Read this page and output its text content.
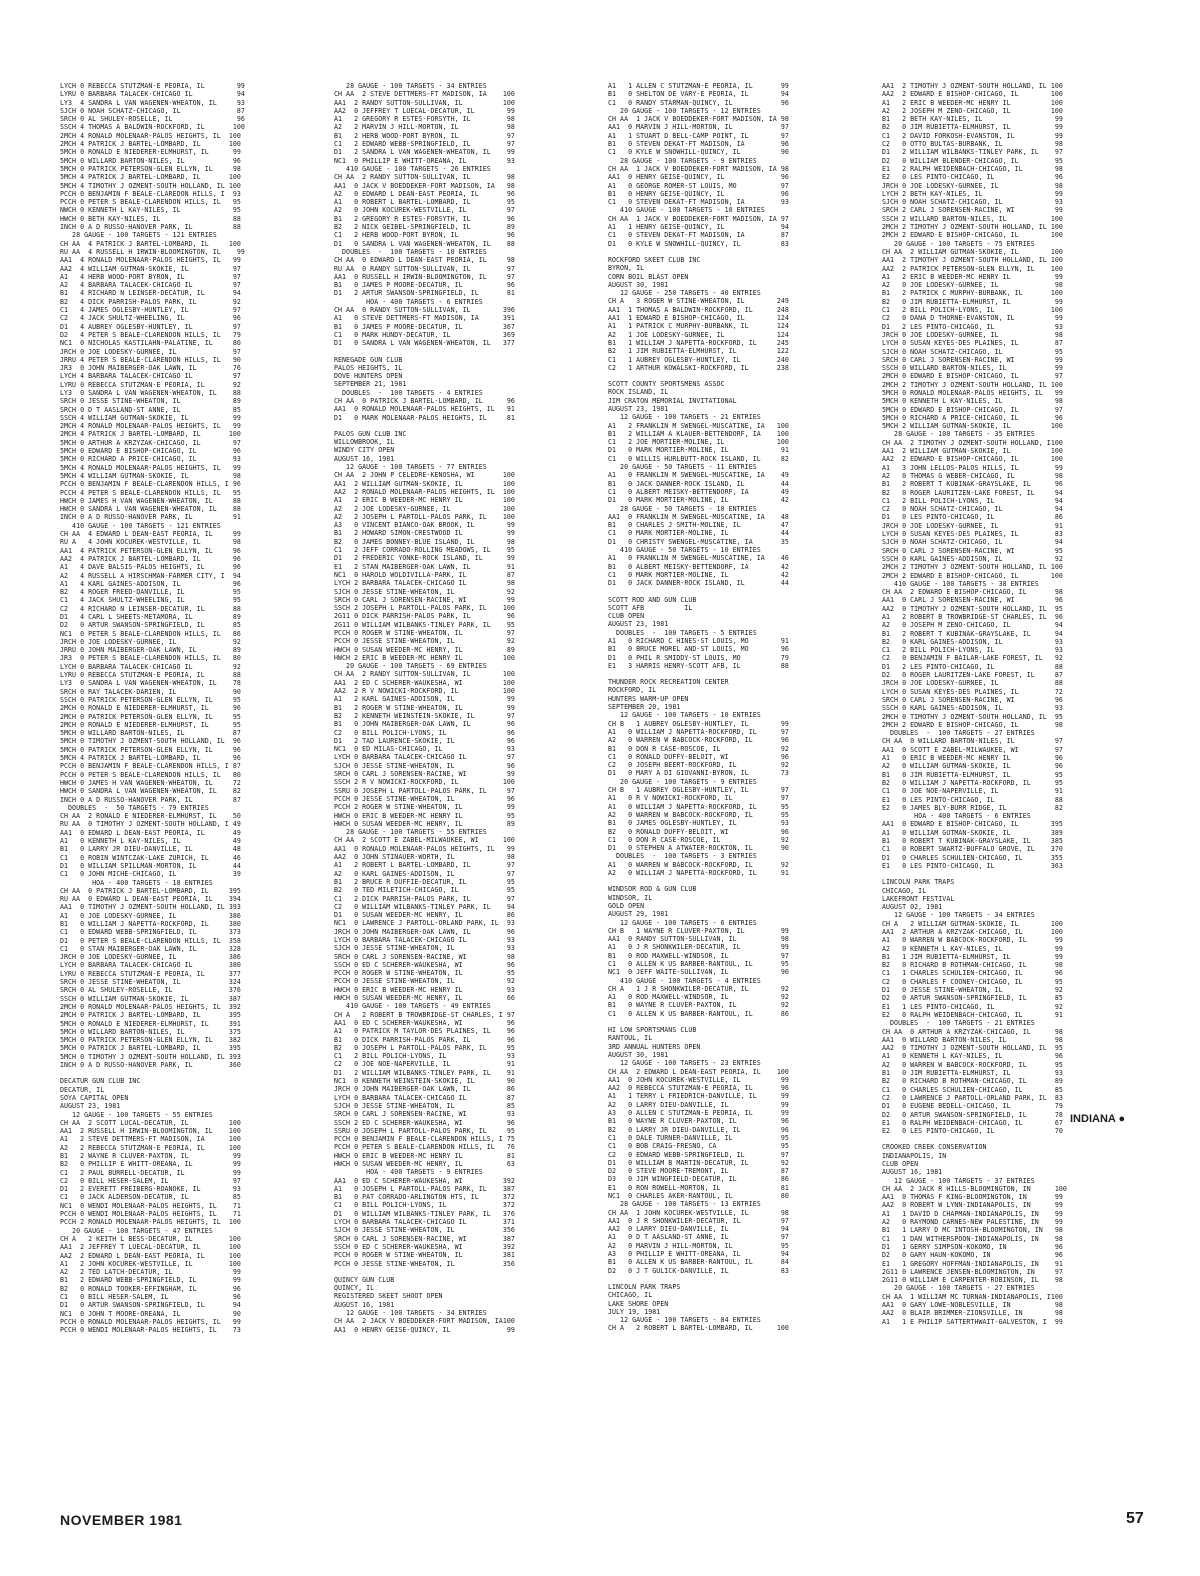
LYCH 0 REBECCA STUTZMAN-E PEORIA, IL        99
LYRU 0 BARBARA TALACEK-CHICAGO IL           94
LY3  4 SANDRA L VAN WAGENEN-WHEATON, IL     93
SJCH 0 NOAH SCHATZ-CHICAGO, IL              87
SRCH 0 AL SHULEY-ROSELLE, IL                96
SSCH 4 THOMAS A BALDWIN-ROCKFORD, IL       100
2MCH 4 RONALD MOLENAAR-PALOS HEIGHTS, IL  100
2MCH 4 PATRICK J BARTEL-LOMBARD, IL       100
5MCH 0 RONALD E NIEDERER-ELMHURST, IL      99
5MCH 0 WILLARD BARTON-NILES, IL            96
5MCH 0 PATRICK PETERSON-GLEN ELLYN, IL     98
5MCH 4 PATRICK J BARTEL-LOMBARD, IL       100
5MCH 4 TIMOTHY J OZMENT-SOUTH HOLLAND, IL 100
PCCH 0 BENJAMIN F BEALE-CLAREDON HILLS, I  93
PCCH 0 PETER S BEALE-CLARENDON HILLS, IL   95
NWCH 0 KENNETH L KAY-NILES, IL             95
HWCH 0 BETH KAY-NILES, IL                  88
INCH 0 A D RUSSO-HANOVER PARK, IL          88
28 GAUGE - 100 TARGETS - 121 ENTRIES
CH AA  4 PATRICK J BARTEL-LOMBARD, IL     100
RU AA  4 RUSSELL H IRWIN-BLOOMINGTON, IL    99
AA1  4 RONALD MOLENAAR-PALOS HEIGHTS, IL   99
AA2  4 WILLIAM GUTMAN-SKOKIE, IL           97
A1   4 HERB WOOD-PORT BYRON, IL            97
A2   4 BARBARA TALACEK-CHICAGO IL          97
B1   4 RICHARD N LEINSER-DECATUR, IL       94
B2   4 DICK PARRISH-PALOS PARK, IL         92
C1   4 JAMES OGLESBY-HUNTLEY, IL           97
C2   4 JACK SHULTZ-WHEELING, IL            96
D1   4 AUBREY OGLESBY-HUNTLEY, IL          97
D2   4 PETER S BEALE-CLARENDON HILLS, IL   79
NC1  0 NICHOLAS KASTILAHN-PALATINE, IL     80
JRCH 0 JOE LODESKY-GURNEE, IL              97
JRRU 4 PETER S BEALE-CLARENDON HILLS, IL   90
JR3  0 JOHN MAIBERGER-OAK LAWN, IL         76
LYCH 4 BARBARA TALACEK-CHICAGO IL          97
LYRU 0 REBECCA STUTZMAN-E PEORIA, IL       92
LY3  0 SANDRA L VAN WAGENEN-WHEATON, IL    88
SRCH 0 JESSE STINE-WHEATON, IL             89
SRCH 0 D T AASLAND-ST ANNE, IL             85
SSCH 4 WILLIAM GUTMAN-SKOKIE, IL           99
2MCH 4 RONALD MOLENAAR-PALOS HEIGHTS, IL   99
2MCH 4 PATRICK J BARTEL-LOMBARD, IL       100
5MCH 0 ARTHUR A KRZYZAK-CHICAGO, IL        97
5MCH 0 EDWARD E BISHOP-CHICAGO, IL         96
5MCH 0 RICHARD A PRICE-CHICAGO, IL         93
5MCH 4 RONALD MOLENAAR-PALOS HEIGHTS, IL   99
5MCH 4 WILLIAM GUTMAN-SKOKIE, IL           98
PCCH 0 BENJAMIN F BEALE-CLARENDON HILLS, I 96
PCCH 4 PETER S BEALE-CLARENDON HILLS, IL   95
HWCH 0 JAMES H VAN WAGENEN-WHEATON, IL     88
HWCH 0 SANDRA L VAN WAGENEN-WHEATON, IL    88
INCH 0 A D RUSSO-HANOVER PARK, IL          91
410 GAUGE - 100 TARGETS - 121 ENTRIES
CH AA  4 EDWARD L DEAN-EAST PEORIA, IL     99
RU A   4 JOHN KOCUREK-WESTVILLE, IL        98
AA1  4 PATRICK PETERSON-GLEN ELLYN, IL     96
AA2  4 PATRICK J BARTEL-LOMBARD, IL        96
A1   4 DAVE BALSIS-PALOS HEIGHTS, IL       96
A2   4 RUSSELL A HIRSCHMAN-FARMER CITY, I  94
A1   4 KARL GAINES-ADDISON, IL             96
B2   4 ROGER FREED-DANVILLE, IL            95
C1   4 JACK SHULTZ-WHEELING, IL            95
C2   4 RICHARD N LEINSER-DECATUR, IL       88
D1   4 CARL L SHEETS-METAMORA, IL          89
D2   0 ARTUR SWANSON-SPRINGFIELD, IL       85
NC1  0 PETER S BEALE-CLARENDON HILLS, IL   86
JRCH 0 JOE LODESKY-GURNEE, IL              92
JRRU 0 JOHN MAIBERGER-OAK LAWN, IL         89
JR3  0 PETER S BEALE-CLARENDON HILLS, IL   80
LYCH 0 BARBARA TALACEK-CHICAGO IL          92
LYRU 0 REBECCA STUTZMAN-E PEORIA, IL       88
LY3  0 SANDRA L VAN WAGENEN-WHEATON, IL    78
SRCH 0 RAY TALACEK-DARIEN, IL              90
SSCH 0 PATRICK PETERSON-GLEN ELLYN, IL     95
2MCH 0 RONALD E NIEDERER-ELMHURST, IL      96
2MCH 0 PATRICK PETERSON-GLEN ELLYN, IL     95
2MCH 0 RONALD E NIEDERER-ELMHURST, IL      95
5MCH 0 WILLARD BARTON-NILES, IL            87
5MCH 0 TIMOTHY J OZMENT-SOUTH HOLLAND, IL  96
5MCH 0 PATRICK PETERSON-GLEN ELLYN, IL     96
5MCH 4 PATRICK J BARTEL-LOMBARD, IL        96
PCCH 0 BENJAMIN F BEALE-CLARENDON HILLS, I 87
PCCH 0 PETER S BEALE-CLARENDON HILLS, IL   80
HWCH 0 JAMES H VAN WAGENEN-WHEATON, IL     72
HWCH 0 SANDRA L VAN WAGENEN-WHEATON, IL    82
INCH 0 A D RUSSO-HANOVER PARK, IL          87
DOUBLES  -  50 TARGETS - 79 ENTRIES
CH AA  2 RONALD E NIEDERER-ELMHURST, IL    50
RU AA  0 TIMOTHY J OZMENT-SOUTH HOLLAND, I 49
AA1  0 EDWARD L DEAN-EAST PEORIA, IL       49
A1   0 KENNETH L KAY-NILES, IL             49
B1   0 LARRY JR DIEU-DANVILLE, IL          48
C1   0 ROBIN WINTCZAK-LAKE ZURICH, IL      46
D1   0 WILLIAM SPILLMAN-MORTON, IL         44
C1   0 JOHN MICHE-CHICAGO, IL              39
HOA - 400 TARGETS - 18 ENTRIES
CH AA  0 PATRICK J BARTEL-LOMBARD, IL     395
RU AA  0 EDWARD L DEAN-EAST PEORIA, IL    394
AA1  0 TIMOTHY J OZMENT-SOUTH HOLLAND, IL 393
A1   0 JOE LODESKY-GURNEE, IL             386
B1   0 WILLIAM J NAPETTA-ROCKFORD, IL     380
C1   0 EDWARD WEBB-SPRINGFIELD, IL        373
D1   0 PETER S BEALE-CLARENDON HILLS, IL  358
C1   0 STAN MAIBERGER-OAK LAWN, IL        328
JRCH 0 JOE LODESKY-GURNEE, IL             386
LYCH 0 BARBARA TALACEK-CHICAGO IL         380
LYRU 0 REBECCA STUTZMAN-E PEORIA, IL      377
SRCH 0 JESSE STINE-WHEATON, IL            324
SRCH 0 AL SHULEY-ROSELLE, IL              376
SSCH 0 WILLIAM GUTMAN-SKOKIE, IL          387
2MCH 0 RONALD MOLENAAR-PALOS HEIGHTS, IL  392
2MCH 0 PATRICK J BARTEL-LOMBARD, IL       395
5MCH 0 RONALD E NIEDERER-ELMHURST, IL     391
5MCH 0 WILLARD BARTON-NILES, IL           375
5MCH 0 PATRICK PETERSON-GLEN ELLYN, IL    382
5MCH 0 PATRICK J BARTEL-LOMBARD, IL       395
5MCH 0 TIMOTHY J OZMENT-SOUTH HOLLAND, IL 393
INCH 0 A D RUSSO-HANOVER PARK, IL         360
DECATUR GUN CLUB INC
DECATUR, IL
SOYA CAPITAL OPEN
AUGUST 23, 1981
12 GAUGE - 100 TARGETS - 55 ENTRIES
CH AA  2 SCOTT LUCAL-DECATUR, IL          100
AA1  2 RUSSELL H IRWIN-BLOOMINGTON, IL    100
A1   2 STEVE DETTMERS-FT MADISON, IA      100
A2   2 REBECCA STUTZMAN-E PEORIA, IL      100
B1   2 WAYNE R CLUVER-PAXTON, IL           99
B2   0 PHILLIP E WHITT-OREANA, IL          99
C1   2 PAUL BURRELL-DECATUR, IL            99
C2   0 BILL HESER-SALEM, IL                97
D1   2 EVERETT FREIBERG-ROANOKE, IL        93
C1   0 JACK ALDERSON-DECATUR, IL           85
NC1  0 WENDI MOLENAAR-PALOS HEIGHTS, IL    71
PCCH 0 WENDI MOLENAAR-PALOS HEIGHTS, IL    71
PCCH 2 RONALD MOLENAAR-PALOS HEIGHTS, IL  100
20 GAUGE - 100 TARGETS - 47 ENTRIES
CH A   2 KEITH L BESS-DECATUR, IL         100
AA1  2 JEFFREY T LUECAL-DECATUR, IL       100
AA2  2 EDWARD L DEAN-EAST PEORIA, IL      100
A1   2 JOHN KOCUREK-WESTVILLE, IL         100
A2   2 TED LATCH-DECATUR, IL               99
B1   2 EDWARD WEBB-SPRINGFIELD, IL         99
B2   0 RONALD TOOKER-EFFINGHAM, IL         96
C1   0 BILL HESER-SALEM, IL                96
D1   0 ARTUR SWANSON-SPRINGFIELD, IL       94
NC1  0 JOHN T MOORE-OREANA, IL             90
PCCH 0 RONALD MOLENAAR-PALOS HEIGHTS, IL   99
PCCH 0 WENDI MOLENAAR-PALOS HEIGHTS, IL    73
28 GAUGE - 100 TARGETS - 34 ENTRIES
CH AA  2 STEVE DETTMERS-FT MADISON, IA    100
AA1  2 RANDY SUTTON-SULLIVAN, IL          100
AA2  0 JEFFREY T LUECAL-DECATUR, IL        99
A1   2 GREGORY R ESTES-FORSYTH, IL         98
A2   2 MARVIN J HILL-MORTON, IL            98
B1   2 HERB WOOD-PORT BYRON, IL            97
C1   2 EDWARD WEBB-SPRINGFIELD, IL         97
D1   2 SANDRA L VAN WAGENEN-WHEATON, IL    99
NC1  0 PHILLIP E WHITT-OREANA, IL          93
410 GAUGE - 100 TARGETS - 26 ENTRIES
CH AA  2 RANDY SUTTON-SULLIVAN, IL         98
AA1  0 JACK V BOEDDEKER-FORT MADISON, IA   98
A2   0 EDWARD L DEAN-EAST PEORIA, IL       96
A1   0 ROBERT L BARTEL-LOMBARD, IL         95
A2   0 JOHN KOCUREK-WESTVILLE, IL          97
B1   2 GREGORY R ESTES-FORSYTH, IL         96
B2   2 NICK GEIBEL-SPRINGFIELD, IL         89
C1   2 HERB WOOD-PORT BYRON, IL            96
D1   0 SANDRA L VAN WAGENEN-WHEATON, IL    88
DOUBLES  -  100 TARGETS - 10 ENTRIES
CH AA  0 EDWARD L DEAN-EAST PEORIA, IL     98
RU AA  0 RANDY SUTTON-SULLIVAN, IL         97
AA1  0 RUSSELL H IRWIN-BLOOMINGTON, IL     97
B1   0 JAMES P MOORE-DECATUR, IL           96
D1   2 ARTUR SWANSON-SPRINGFIELD, IL       81
HOA - 400 TARGETS - 6 ENTRIES
CH AA  0 RANDY SUTTON-SULLIVAN, IL        396
A1   0 STEVE DETTMERS-FT MADISON, IA      391
B1   0 JAMES P MOORE-DECATUR, IL          367
C1   0 MARK HUNDY-DECATUR, IL             369
D1   0 SANDRA L VAN WAGENEN-WHEATON, IL   377
RENEGADE GUN CLUB
PALOS HEIGHTS, IL
DOVE HUNTERS OPEN
SEPTEMBER 21, 1981
DOUBLES  -  100 TARGETS - 4 ENTRIES
CH AA  0 PATRICK J BARTEL-LOMBARD, IL      96
AA1  0 RONALD MOLENAAR-PALOS HEIGHTS, IL   91
D1   0 MARK MOLENAAR-PALOS HEIGHTS, IL     81
PALOS GUN CLUB INC
WILLOWBROOK, IL
WINDY CITY OPEN
AUGUST 16, 1981
12 GAUGE - 100 TARGETS - 77 ENTRIES
CH AA  2 JOHN P CELEDRE-KENOSHA, WI       100
AA1  2 WILLIAM GUTMAN-SKOKIE, IL          100
AA2  2 RONALD MOLENAAR-PALOS HEIGHTS, IL  100
A1   2 ERIC B WEEDER-MC HENRY IL          100
A2   2 JOE LODESKY-GURNEE, IL             100
A2   2 JOSEPH L PARTOLL-PALOS PARK, IL    100
A3   0 VINCENT BIANCO-OAK BROOK, IL        99
B1   2 HOWARD SIMON-CRESTWOOD IL           99
B2   0 JAMES BONNEY-BLUE ISLAND, IL        98
C1   2 JEFF CORRADO-ROLLING MEADOWS, IL    95
D1   2 FREDERIC YONKE-ROCK ISLAND, IL      99
E1   2 STAN MAIBERGER-OAK LAWN, IL         91
NC1  0 HAROLD WOLDIVILLA-PARK, IL          87
LYCH 2 BARBARA TALACEK-CHICAGO IL          98
SJCH 0 JESSE STINE-WHEATON, IL             92
SRCH 0 CARL J SORENSEN-RACINE, WI          99
SSCH 2 JOSEPH L PARTOLL-PALOS PARK, IL    100
2G11 0 DICK PARRISH-PALOS PARK, IL         96
2G11 0 WILLIAM WILBANKS-TINLEY PARK, IL    95
PCCH 0 ROGER W STINE-WHEATON, IL           97
PCCH 0 JESSE STINE-WHEATON, IL             92
HWCH 0 SUSAN WEEDER-MC HENRY, IL           89
HWCH 2 ERIC B WEEDER-MC HENRY IL          100
20 GAUGE - 100 TARGETS - 69 ENTRIES
CH AA  2 RANDY SUTTON-SULLIVAN, IL        100
AA1  2 ED C SCHERER-WAUKESHA, WI          100
AA2  2 R V NOWICKI-ROCKFORD, IL           100
A1   2 KARL GAINES-ADDISON, IL             99
B1   2 ROGER W STINE-WHEATON, IL           99
B2   2 KENNETH WEINSTEIN-SKOKIE, IL        97
B1   0 JOHN MAIBERGER-OAK LAWN, IL         96
C2   0 BILL POLICH-LYONS, IL               96
D1   2 TAD LAURENCE-SKOKIE, IL             96
NC1  0 ED MILAS-CHICAGO, IL                93
LYCH 0 BARBARA TALACEK-CHICAGO IL          97
SJCH 0 JESSE STINE-WHEATON, IL             96
SRCH 0 CARL J SORENSEN-RACINE, WI          99
SSCH 2 R V NOWICKI-ROCKFORD, IL           100
SSRU 0 JOSEPH L PARTOLL-PALOS PARK, IL     97
PCCH 0 JESSE STINE-WHEATON, IL             96
PCCH 2 ROGER W STINE-WHEATON, IL           99
HWCH 0 ERIC B WEEDER-MC HENRY IL           95
HWCH 0 SUSAN WEEDER-MC HENRY, IL           89
28 GAUGE - 100 TARGETS - 55 ENTRIES
CH AA  2 SCOTT E ZABEL-MILWAUKEE, WI      100
AA1  0 RONALD MOLENAAR-PALOS HEIGHTS, IL   99
AA2  0 JOHN STINAUER-WORTH, IL             98
A1   2 ROBERT L BARTEL-LOMBARD, IL         97
A2   0 KARL GAINES-ADDISON, IL             97
B1   2 BRUCE R DUFFIE-DECATUR, IL          95
B2   0 TED MILETICH-CHICAGO, IL            95
C1   2 DICK PARRISH-PALOS PARK, IL         97
C2   0 WILLIAM WILBANKS-TINLEY PARK, IL    94
D1   0 SUSAN WEEDER-MC HENRY, IL           86
NC1  0 LAWRENCE J PARTOLL-ORLAND PARK, IL  93
JRCH 0 JOHN MAIBERGER-OAK LAWN, IL         96
LYCH 0 BARBARA TALACEK-CHICAGO IL          93
SJCH 0 JESSE STINE-WHEATON, IL             93
SRCH 0 CARL J SORENSEN-RACINE, WI          98
SSCH 0 ED C SCHERER-WAUKESHA, WI           96
PCCH 0 ROGER W STINE-WHEATON, IL           95
PCCH 0 JESSE STINE-WHEATON, IL             92
HWCH 0 ERIC B WEEDER-MC HENRY IL           93
HWCH 0 SUSAN WEEDER-MC HENRY, IL           66
410 GAUGE - 100 TARGETS - 49 ENTRIES
CH A   2 ROBERT B TROWBRIDGE-ST CHARLES, I 97
AA1  0 ED C SCHERER-WAUKESHA, WI           96
A1   0 PATRICK M TAYLOR-DES PLAINES, IL    96
B1   0 DICK PARRISH-PALOS PARK, IL         96
B2   0 JOSEPH L PARTOLL-PALOS PARK, IL     95
C1   2 BILL POLICH-LYONS, IL               93
C2   0 JOE NOE-NAPERVILLE, IL              91
D1   2 WILLIAM WILBANKS-TINLEY PARK, IL    91
NC1  0 KENNETH WEINSTEIN-SKOKIE, IL        90
JRCH 0 JOHN MAIBERGER-OAK LAWN, IL         86
LYCH 0 BARBARA TALACEK-CHICAGO IL          87
SJCH 0 JESSE STINE-WHEATON, IL             85
SRCH 0 CARL J SORENSEN-RACINE, WI          93
SSCH 2 ED C SCHERER-WAUKESHA, WI           96
SSRU 0 JOSEPH L PARTOLL-PALOS PARK, IL     95
PCCH 0 BENJAMIN F BEALE-CLARENDON HILLS, I 75
PCCH 0 PETER S BEALE-CLARENDON HILLS, IL   76
HWCH 0 ERIC B WEEDER-MC HENRY IL           81
HWCH 0 SUSAN WEEDER-MC HENRY, IL           63
HOA - 400 TARGETS - 9 ENTRIES
AA1  0 ED C SCHERER-WAUKESHA, WI          392
A1   0 JOSEPH L PARTOLL-PALOS PARK, IL    387
B1   0 PAT CORRADO-ARLINGTON HTS, IL      372
C1   0 BILL POLICH-LYONS, IL              372
D1   0 WILLIAM WILBANKS-TINLEY PARK, IL   376
LYCH 0 BARBARA TALACEK-CHICAGO IL         371
SJCH 0 JESSE STINE-WHEATON, IL            356
SRCH 0 CARL J SORENSEN-RACINE, WI         387
SSCH 0 ED C SCHERER-WAUKESHA, WI          392
PCCH 0 ROGER W STINE-WHEATON, IL          381
PCCH 0 JESSE STINE-WHEATON, IL            356
QUINCY GUN CLUB
QUINCY, IL
REGISTERED SKEET SHOOT OPEN
AUGUST 16, 1981
12 GAUGE - 100 TARGETS - 34 ENTRIES
CH AA  2 JACK V BOEDDEKER-FORT MADISON, IA100
AA1  0 HENRY GEISE-QUINCY, IL              99
A1   1 ALLEN C STUTZMAN-E PEORIA, IL       99
B1   0 SHELTON DE VARY-E PEORIA, IL        94
C1   0 RANDY STARMAN-QUINCY, IL            96
20 GAUGE - 100 TARGETS - 12 ENTRIES
CH AA  1 JACK V BOEDDEKER-FORT MADISON, IA 98
AA1  0 MARVIN J HILL-MORTON, IL            97
A1   1 STUART D BELL-CAMP POINT, IL        97
B1   0 STEVEN DEKAT-FT MADISON, IA         96
C1   0 KYLE W SNOWHILL-QUINCY, IL          90
28 GAUGE - 100 TARGETS - 9 ENTRIES
CH AA  1 JACK V BOEDDEKER-FORT MADISON, IA 98
AA1  0 HENRY GEISE-QUINCY, IL              96
A1   0 GEORGE ROMER-ST LOUIS, MO           97
B1   0 HENRY GEISE-QUINCY, IL              96
C1   0 STEVEN DEKAT-FT MADISON, IA         93
410 GAUGE - 100 TARGETS - 10 ENTRIES
CH AA  1 JACK V BOEDDEKER-FORT MADISON, IA 97
A1   1 HENRY GEISE-QUINCY, IL              94
C1   0 STEVEN DEKAT-FT MADISON, IA         87
D1   0 KYLE W SNOWHILL-QUINCY, IL          83
ROCKFORD SKEET CLUB INC
BYRON, IL
CORN BOIL BLAST OPEN
AUGUST 30, 1981
12 GAUGE - 250 TARGETS - 40 ENTRIES
CH A   3 ROGER W STINE-WHEATON, IL        249
AA1  1 THOMAS A BALDWIN-ROCKFORD, IL      248
AA1  1 EDWARD E BISHOP-CHICAGO, IL        124
A1   1 PATRICK C MURPHY-BURBANK, IL       124
A2   1 JOE LODESKY-GURNEE, IL             124
B1   1 WILLIAM J NAPETTA-ROCKFORD, IL     245
B2   1 JIM RUBIETTA-ELMHURST, IL          122
C1   1 AUBREY OGLESBY-HUNTLEY, IL         240
C2   1 ARTHUR KOWALSKI-ROCKFORD, IL       238
SCOTT COUNTY SPORTSMENS ASSOC
ROCK ISLAND, IL
JIM CRATON MEMORIAL INVITATIONAL
AUGUST 23, 1981
12 GAUGE - 100 TARGETS - 21 ENTRIES
A1   2 FRANKLIN M SWENGEL-MUSCATINE, IA   100
B1   2 WILLIAM A KLAUER-BETTENDORF, IA    100
C1   2 JOE MORTIER-MOLINE, IL             100
D1   0 MARK MORTIER-MOLINE, IL             91
C1   0 WILLIS HURLBUTT-ROCK ISLAND, IL     82
20 GAUGE - 50 TARGETS - 11 ENTRIES
A1   0 FRANKLIN M SWENGEL-MUSCATINE, IA    49
B1   0 JACK DANNER-ROCK ISLAND, IL         44
C1   0 ALBERT MEISKY-BETTENDORF, IA        49
D1   0 MARK MORTIER-MOLINE, IL             42
28 GAUGE - 50 TARGETS - 10 ENTRIES
AA1  0 FRANKLIN M SWENGEL-MUSCATINE, IA    48
B1   0 CHARLES J SMITH-MOLINE, IL          47
C1   0 MARK MORTIER-MOLINE, IL             44
D1   0 CHRISTY SWENGEL-MUSCATINE, IA       35
410 GAUGE - 50 TARGETS - 10 ENTRIES
A1   0 FRANKLIN M SWENGEL-MUSCATINE, IA    46
B1   0 ALBERT MEISKY-BETTENDORF, IA        42
C1   0 MARK MORTIER-MOLINE, IL             42
D1   0 JACK DANNER-ROCK ISLAND, IL         44
SCOTT ROD AND GUN CLUB
SCOTT AFB          IL
CLUB OPEN
AUGUST 23, 1981
DOUBLES  -  100 TARGETS - 5 ENTRIES
A1   0 RICHARD C HINES-ST LOUIS, MO        91
B1   0 BRUCE MOREL AND-ST LOUIS, MO        96
D1   0 PHIL R SMIDDY-ST LOUIS, MO          79
E1   3 HARRIS HENRY-SCOTT AFB, IL          88
THUNDER ROCK RECREATION CENTER
ROCKFORD, IL
HUNTERS WARM-UP OPEN
SEPTEMBER 20, 1981
12 GAUGE - 100 TARGETS - 10 ENTRIES
CH B   1 AUBREY OGLESBY-HUNTLEY, IL        99
A1   0 WILLIAM J NAPETTA-ROCKFORD, IL      97
A2   0 WARREN W BABCOCK-ROCKFORD, IL       96
B1   0 DON R CASE-ROSCOE, IL               92
C1   0 RONALD DUFFY-BELOIT, WI             96
C2   0 JOSEPH BEERT-ROCKFORD, IL           92
D1   0 MARY A DI GIOVANNI-BYRON, IL        73
20 GAUGE - 100 TARGETS - 9 ENTRIES
CH B   1 AUBREY OGLESBY-HUNTLEY, IL        97
A1   0 R V NOWICKI-ROCKFORD, IL            97
A1   0 WILLIAM J NAPETTA-ROCKFORD, IL      95
A2   0 WARREN W BABCOCK-ROCKFORD, IL       95
B1   0 JAMES OGLESBY-HUNTLEY, IL           93
B2   0 RONALD DUFFY-BELOIT, WI             96
C1   0 DON R CASE-ROSCOE, IL               92
D1   0 STEPHEN A ATWATER-ROCKTON, IL       90
DOUBLES  -  100 TARGETS - 3 ENTRIES
A1   0 WARREN W BABCOCK-ROCKFORD, IL       92
A2   0 WILLIAM J NAPETTA-ROCKFORD, IL      91
WINDSOR ROD & GUN CLUB
WINDSOR, IL
GOLD OPEN
AUGUST 29, 1981
12 GAUGE - 100 TARGETS - 6 ENTRIES
CH B   1 WAYNE R CLUVER-PAXTON, IL         99
AA1  0 RANDY SUTTON-SULLIVAN, IL           98
A1   0 J R SHONKWILER-DECATUR, IL          99
B1   0 ROD MAXWELL-WINDSOR, IL             97
C1   0 ALLEN K US BARBER-RANTOUL, IL       95
NC1  0 JEFF WAITE-SULLIVAN, IL             90
410 GAUGE - 100 TARGETS - 4 ENTRIES
CH A   1 J R SHONKWILER-DECATUR, IL        92
A1   0 ROD MAXWELL-WINDSOR, IL             92
B1   0 WAYNE R CLUVER-PAXTON, IL           92
C1   0 ALLEN K US BARBER-RANTOUL, IL       86
HI LOW SPORTSMANS CLUB
RANTOUL, IL
3RD ANNUAL HUNTERS OPEN
AUGUST 30, 1981
12 GAUGE - 100 TARGETS - 23 ENTRIES
CH AA  2 EDWARD L DEAN-EAST PEORIA, IL    100
AA1  0 JOHN KOCUREK-WESTVILLE, IL          99
AA2  0 REBECCA STUTZMAN-E PEORIA, IL       96
A1   1 TERRY L FRIEDRICH-DANVILLE, IL      99
A2   0 LARRY DIEU-DANVILLE, IL             99
A3   0 ALLEN C STUTZMAN-E PEORIA, IL       99
B1   0 WAYNE R CLUVER-PAXTON, IL           96
B2   0 LARRY JR DIEU-DANVILLE, IL          96
C1   0 DALE TURNER-DANVILLE, IL            95
C1   0 BOB CRAIG-FRESNO, CA                95
C2   0 EDWARD WEBB-SPRINGFIELD, IL         97
D1   0 WILLIAM B MARTIN-DECATUR, IL        92
D2   0 STEVE MOORE-TREMONT, IL             87
D3   0 JIM WINGFIELD-DECATUR, IL           86
E1   0 RON ROWELL-MORTON, IL               81
NC1  0 CHARLES AKER-RANTOUL, IL            80
28 GAUGE - 100 TARGETS - 13 ENTRIES
CH AA  1 JOHN KOCUREK-WESTVILLE, IL        98
AA1  0 J R SHONKWILER-DECATUR, IL          97
AA2  0 LARRY DIEU-DANVILLE, IL             94
A1   0 D T AASLAND-ST ANNE, IL             97
A2   0 MARVIN J HILL-MORTON, IL            95
A3   0 PHILLIP E WHITT-OREANA, IL          94
B1   0 ALLEN K US BARBER-RANTOUL, IL       84
D2   0 J T GULICK-DANVILLE, IL             83
LINCOLN PARK TRAPS
CHICAGO, IL
LAKE SHORE OPEN
JULY 19, 1981
12 GAUGE - 100 TARGETS - 84 ENTRIES
CH A   2 ROBERT L BARTEL-LOMBARD, IL      100
AA1  2 TIMOTHY J OZMENT-SOUTH HOLLAND, IL 100
AA2  2 EDWARD E BISHOP-CHICAGO, IL        100
A1   2 ERIC B WEEDER-MC HENRY IL          100
A2   2 JOSEPH M ZENO-CHICAGO, IL          100
B1   2 BETH KAY-NILES, IL                  99
B2   0 JIM RUBIETTA-ELMHURST, IL           99
C1   2 DAVID FORKOSH-EVANSTON, IL          99
C2   0 OTTO BULTAS-BURBANK, IL             98
D1   2 WILLIAM WILBANKS-TINLEY PARK, IL    97
D2   0 WILLIAM BLENDER-CHICAGO, IL         95
E1   2 RALPH WEIDENBACH-CHICAGO, IL        98
E2   0 LES PINTO-CHICAGO, IL               96
JRCH 0 JOE LODESKY-GURNEE, IL              98
LYCH 2 BETH KAY-NILES, IL                  99
SJCH 0 NOAH SCHATZ-CHICAGO, IL             93
SRCH 2 CARL J SORENSEN-RACINE, WI          99
SSCH 2 WILLARD BARTON-NILES, IL           100
2MCH 2 TIMOTHY J OZMENT-SOUTH HOLLAND, IL 100
2MCH 2 EDWARD E BISHOP-CHICAGO, IL        100
20 GAUGE - 100 TARGETS - 75 ENTRIES
CH AA  2 WILLIAM GUTMAN-SKOKIE, IL        100
AA1  2 TIMOTHY J OZMENT-SOUTH HOLLAND, IL 100
AA2  2 PATRICK PETERSON-GLEN ELLYN, IL    100
A1   2 ERIC B WEEDER-MC HENRY IL           99
A2   0 JOE LODESKY-GURNEE, IL              98
B1   2 PATRICK C MURPHY-BURBANK, IL       100
B2   0 JIM RUBIETTA-ELMHURST, IL           99
C1   2 BILL POLICH-LYONS, IL              100
C2   0 DANA D THORNE-EVANSTON, IL          99
D1   2 LES PINTO-CHICAGO, IL               93
JRCH 0 JOE LODESKY-GURNEE, IL              98
LYCH 0 SUSAN KEYES-DES PLAINES, IL         87
SJCH 0 NOAH SCHATZ-CHICAGO, IL             95
SRCH 0 CARL J SORENSEN-RACINE, WI          99
SSCH 0 WILLARD BARTON-NILES, IL            99
2MCH 0 EDWARD E BISHOP-CHICAGO, IL         97
2MCH 2 TIMOTHY J OZMENT-SOUTH HOLLAND, IL 100
5MCH 0 RONALD MOLENAAR-PALOS HEIGHTS, IL   99
5MCH 0 KENNETH L KAY-NILES, IL             98
5MCH 0 EDWARD E BISHOP-CHICAGO, IL         97
5MCH 0 RICHARD A PRICE-CHICAGO, IL         96
5MCH 2 WILLIAM GUTMAN-SKOKIE, IL          100
28 GAUGE - 100 TARGETS - 35 ENTRIES
CH AA  2 TIMOTHY J OZMENT-SOUTH HOLLAND, I100
AA1  2 WILLIAM GUTMAN-SKOKIE, IL          100
AA2  2 EDWARD E BISHOP-CHICAGO, IL        100
A1   3 JOHN LELLOS-PALOS HILLS, IL         99
A2   0 THOMAS G WEBER-CHICAGO, IL          98
B1   2 ROBERT T KUBINAK-GRAYSLAKE, IL      96
B2   0 ROGER LAURITZEN-LAKE FOREST, IL     94
C1   2 BILL POLICH-LYONS, IL               94
C2   0 NOAH SCHATZ-CHICAGO, IL             94
D1   0 LES PINTO-CHICAGO, IL               86
JRCH 0 JOE LODESKY-GURNEE, IL              91
LYCH 0 SUSAN KEYES-DES PLAINES, IL         83
SJCH 0 NOAH SCHATZ-CHICAGO, IL             94
SRCH 0 CARL J SORENSEN-RACINE, WI          95
SSCH 0 KARL GAINES-ADDISON, IL             92
2MCH 2 TIMOTHY J OZMENT-SOUTH HOLLAND, IL 100
2MCH 2 EDWARD E BISHOP-CHICAGO, IL        100
410 GAUGE - 100 TARGETS - 38 ENTRIES
CH AA  2 EDWARD E BISHOP-CHICAGO, IL       98
AA1  0 CARL J SORENSEN-RACINE, WI          96
AA2  0 TIMOTHY J OZMENT-SOUTH HOLLAND, IL  95
A1   2 ROBERT B TROWBRIDGE-ST CHARLES, IL  96
A2   0 JOSEPH M ZENO-CHICAGO, IL           94
B1   2 ROBERT T KUBINAK-GRAYSLAKE, IL      94
B2   0 KARL GAINES-ADDISON, IL             93
C1   2 BILL POLICH-LYONS, IL               93
C2   0 BENJAMIN F BAILAR-LAKE FOREST, IL   92
D1   2 LES PINTO-CHICAGO, IL               88
D2   0 ROGER LAURITZEN-LAKE FOREST, IL     87
JRCH 0 JOE LODESKY-GURNEE, IL              88
LYCH 0 SUSAN KEYES-DES PLAINES, IL         72
SRCH 0 CARL J SORENSEN-RACINE, WI          96
SSCH 0 KARL GAINES-ADDISON, IL             93
2MCH 0 TIMOTHY J OZMENT-SOUTH HOLLAND, IL  95
2MCH 2 EDWARD E BISHOP-CHICAGO, IL         98
DOUBLES  -  100 TARGETS - 27 ENTRIES
CH AA  0 WILLARD BARTON-NILES, IL          97
AA1  0 SCOTT E ZABEL-MILWAUKEE, WI         97
A1   0 ERIC B WEEDER-MC HENRY IL           96
A2   0 WILLIAM GUTMAN-SKOKIE, IL           96
B1   0 JIM RUBIETTA-ELMHURST, IL           95
B2   0 WILLIAM J NAPETTA-ROCKFORD, IL      95
C1   0 JOE NOE-NAPERVILLE, IL              91
E1   0 LES PINTO-CHICAGO, IL               88
E2   0 JAMES BLY-BURR RIDGE, IL            82
HOA - 400 TARGETS - 6 ENTRIES
AA1  0 EDWARD E BISHOP-CHICAGO, IL        395
A1   0 WILLIAM GUTMAN-SKOKIE, IL          389
B1   0 ROBERT T KUBINAK-GRAYSLAKE, IL     385
C1   0 ROBERT SWARTZ-BUFFALO GROVE, IL    370
D1   0 CHARLES SCHULIEN-CHICAGO, IL       355
E1   0 LES PINTO-CHICAGO, IL              363
LINCOLN PARK TRAPS
CHICAGO, IL
LAKEFRONT FESTIVAL
AUGUST 02, 1981
12 GAUGE - 100 TARGETS - 34 ENTRIES
CH A   2 WILLIAM GUTMAN-SKOKIE, IL        100
AA1  2 ARTHUR A KRZYZAK-CHICAGO, IL       100
A1   0 WARREN W BABCOCK-ROCKFORD, IL       99
A2   0 KENNETH L KAY-NILES, IL             99
B1   1 JIM RUBIETTA-ELMHURST, IL           99
B2   0 RICHARD B ROTHMAN-CHICAGO, IL       98
C1   1 CHARLES SCHULIEN-CHICAGO, IL        96
C2   0 CHARLES F COONEY-CHICAGO, IL        95
D1   0 JESSE STINE-WHEATON, IL             92
D2   0 ARTUR SWANSON-SPRINGFIELD, IL       85
E1   1 LES PINTO-CHICAGO, IL               92
E2   0 RALPH WEIDENBACH-CHICAGO, IL        91
DOUBLES  -  100 TARGETS - 21 ENTRIES
CH AA  0 ARTHUR A KRZYZAK-CHICAGO, IL      98
AA1  0 WILLARD BARTON-NILES, IL            98
AA2  0 TIMOTHY J OZMENT-SOUTH HOLLAND, IL  95
A1   0 KENNETH L KAY-NILES, IL             96
A2   0 WARREN W BABCOCK-ROCKFORD, IL       95
B1   0 JIM RUBIETTA-ELMHURST, IL           93
B2   0 RICHARD B ROTHMAN-CHICAGO, IL       89
C1   0 CHARLES SCHULIEN-CHICAGO, IL        85
C2   0 LAWRENCE J PARTOLL-ORLAND PARK, IL  83
D1   0 EUGENE BEDELL-CHICAGO, IL           79
D2   0 ARTUR SWANSON-SPRINGFIELD, IL       78
E1   0 RALPH WEIDENBACH-CHICAGO, IL        67
E2   0 LES PINTO-CHICAGO, IL               70
CROOKED CREEK CONSERVATION
INDIANAPOLIS, IN
CLUB OPEN
AUGUST 16, 1981
12 GAUGE - 100 TARGETS - 37 ENTRIES
CH AA  2 JACK R HILLS-BLOOMINGTON, IN      100
AA1  0 THOMAS F KING-BLOOMINGTON, IN       99
AA2  0 ROBERT W LYNN-INDIANAPOLIS, IN      99
A1   1 DAVID D CHAPMAN-INDIANAPOLIS, IN    99
A2   0 RAYMOND CARNES-NEW PALESTINE, IN    99
B1   1 LARRY D MC INTOSH-BLOOMINGTON, IN   98
C1   1 DAN WITHERSPOON-INDIANAPOLIS, IN    98
D1   1 GERRY SIMPSON-KOKOMO, IN            96
D2   0 GARY HAUN-KOKOMO, IN                96
E1   1 GREGORY HOFFMAN-INDIANAPOLIS, IN    91
2G11 0 LAWRENCE JENSEN-BLOOMINGTON, IN     97
2G11 0 WILLIAM E CARPENTER-ROBINSON, IL    98
20 GAUGE - 100 TARGETS - 27 ENTRIES
CH AA  1 WILLIAM MC TURNAN-INDIANAPOLIS, I100
AA1  0 GARY LOWE-NOBLESVILLE, IN           98
AA2  0 BLAIR BRIMMER-ZIONSVILLE, IN        98
A1   1 E PHILIP SATTERTHWAIT-GALVESTON, I  99
INDIANA ●
NOVEMBER 1981	57
